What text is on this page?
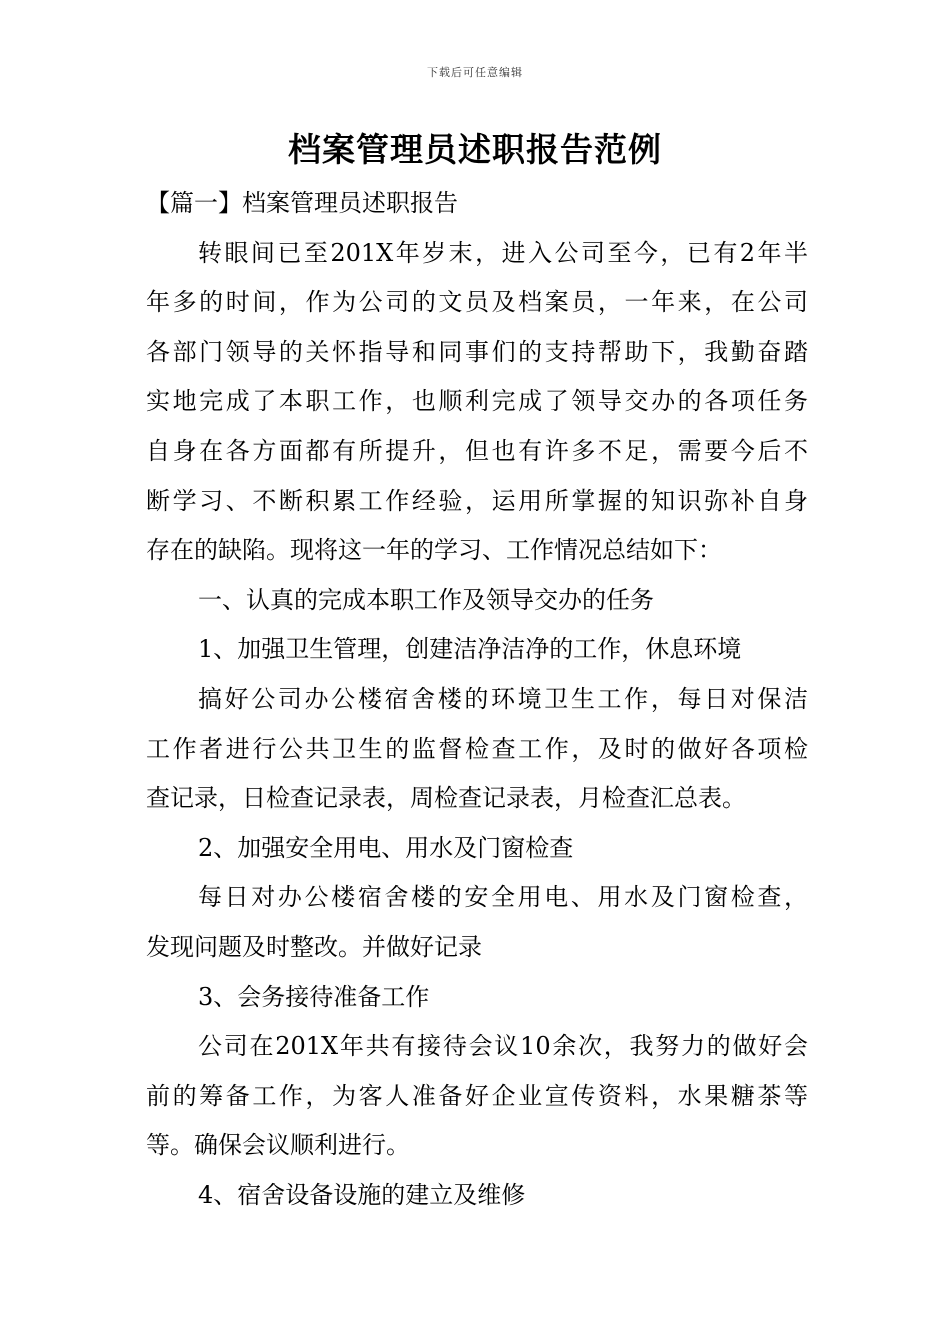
下载后可任意编辑
档案管理员述职报告范例
【篇一】档案管理员述职报告
转眼间已至201X年岁末，进入公司至今，已有2年半
年多的时间，作为公司的文员及档案员，一年来，在公司
各部门领导的关怀指导和同事们的支持帮助下，我勤奋踏
实地完成了本职工作，也顺利完成了领导交办的各项任务
自身在各方面都有所提升，但也有许多不足，需要今后不
断学习、不断积累工作经验，运用所掌握的知识弥补自身
存在的缺陷。现将这一年的学习、工作情况总结如下：
一、认真的完成本职工作及领导交办的任务
1、加强卫生管理，创建洁净洁净的工作，休息环境
搞好公司办公楼宿舍楼的环境卫生工作，每日对保洁
工作者进行公共卫生的监督检查工作，及时的做好各项检
查记录，日检查记录表，周检查记录表，月检查汇总表。
2、加强安全用电、用水及门窗检查
每日对办公楼宿舍楼的安全用电、用水及门窗检查，
发现问题及时整改。并做好记录
3、会务接待准备工作
公司在201X年共有接待会议10余次，我努力的做好会
前的筹备工作，为客人准备好企业宣传资料，水果糖茶等
等。确保会议顺利进行。
4、宿舍设备设施的建立及维修
